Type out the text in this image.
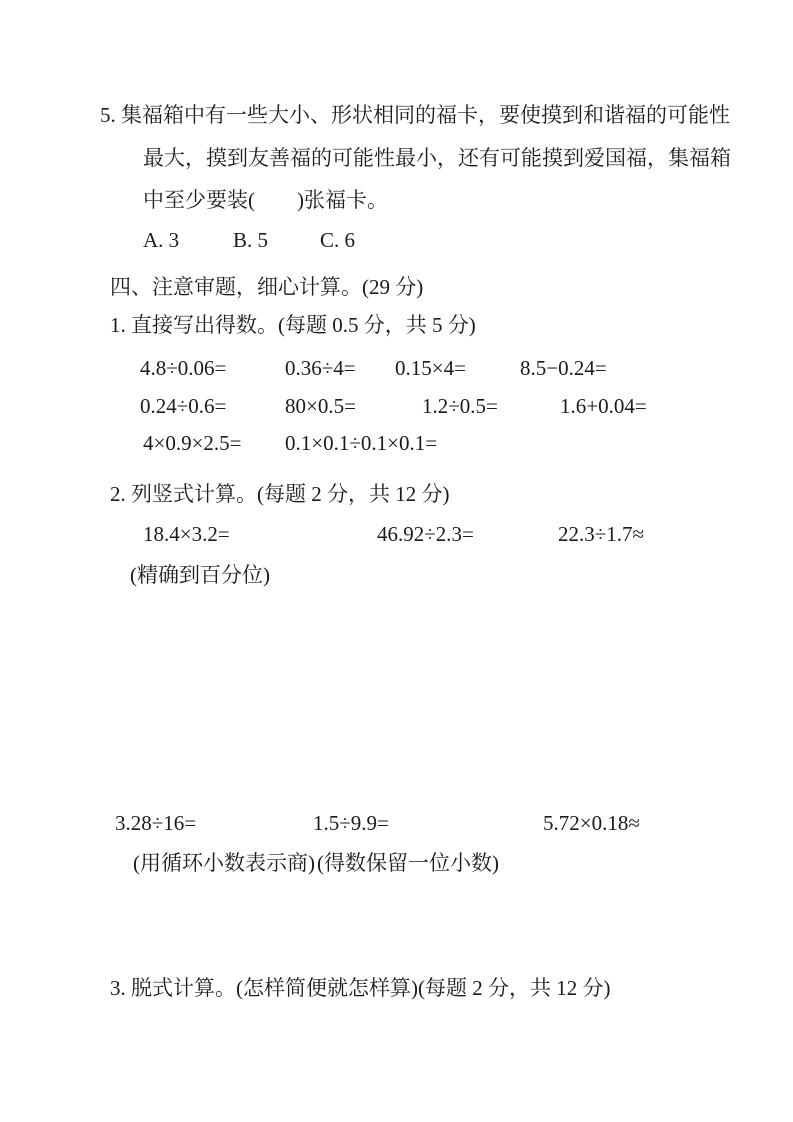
5. 集福箱中有一些大小、形状相同的福卡，要使摸到和谐福的可能性
最大，摸到友善福的可能性最小，还有可能摸到爱国福，集福箱
中至少要装(        )张福卡。
A. 3	B. 5 C. 6
四、注意审题，细心计算。(29 分)
1. 直接写出得数。(每题 0.5 分，共 5 分)
4.8÷0.06=	0.36÷4= 0.15×4=	8.5−0.24=
0.24÷0.6=	80×0.5=	1.2÷0.5=	1.6+0.04=
4×0.9×2.5= 0.1×0.1÷0.1×0.1=
2. 列竖式计算。(每题 2 分，共 12 分)
18.4×3.2=	46.92÷2.3=	22.3÷1.7≈
(精确到百分位)
3.28÷16=	1.5÷9.9=	5.72×0.18≈
(用循环小数表示商) (得数保留一位小数)
3. 脱式计算。(怎样简便就怎样算)(每题 2 分，共 12 分)
